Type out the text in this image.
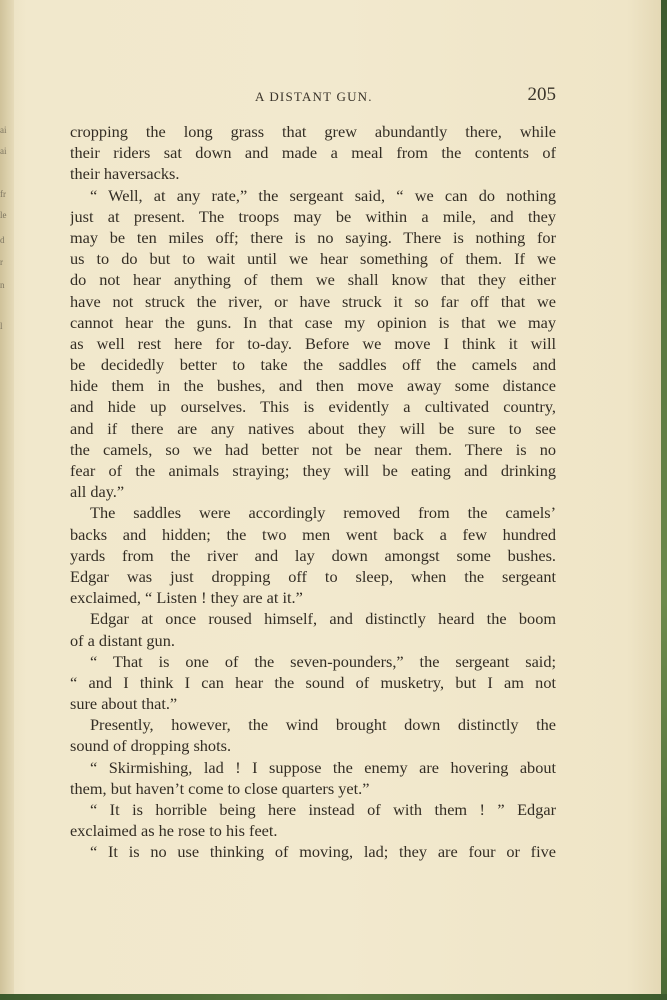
ai
ai
fr
le
d
r
n
l
A DISTANT GUN.	205
cropping the long grass that grew abundantly there, while
their riders sat down and made a meal from the contents of
their haversacks.
“ Well, at any rate,” the sergeant said, “ we can do nothing
just at present. The troops may be within a mile, and they
may be ten miles off; there is no saying. There is nothing for
us to do but to wait until we hear something of them. If we
do not hear anything of them we shall know that they either
have not struck the river, or have struck it so far off that we
cannot hear the guns. In that case my opinion is that we may
as well rest here for to-day. Before we move I think it will
be decidedly better to take the saddles off the camels and
hide them in the bushes, and then move away some distance
and hide up ourselves. This is evidently a cultivated country,
and if there are any natives about they will be sure to see
the camels, so we had better not be near them. There is no
fear of the animals straying; they will be eating and drinking
all day.”
The saddles were accordingly removed from the camels’
backs and hidden; the two men went back a few hundred
yards from the river and lay down amongst some bushes.
Edgar was just dropping off to sleep, when the sergeant
exclaimed, “ Listen ! they are at it.”
Edgar at once roused himself, and distinctly heard the boom
of a distant gun.
“ That is one of the seven-pounders,” the sergeant said;
“ and I think I can hear the sound of musketry, but I am not
sure about that.”
Presently, however, the wind brought down distinctly the
sound of dropping shots.
“ Skirmishing, lad ! I suppose the enemy are hovering about
them, but haven’t come to close quarters yet.”
“ It is horrible being here instead of with them ! ” Edgar
exclaimed as he rose to his feet.
“ It is no use thinking of moving, lad; they are four or five
